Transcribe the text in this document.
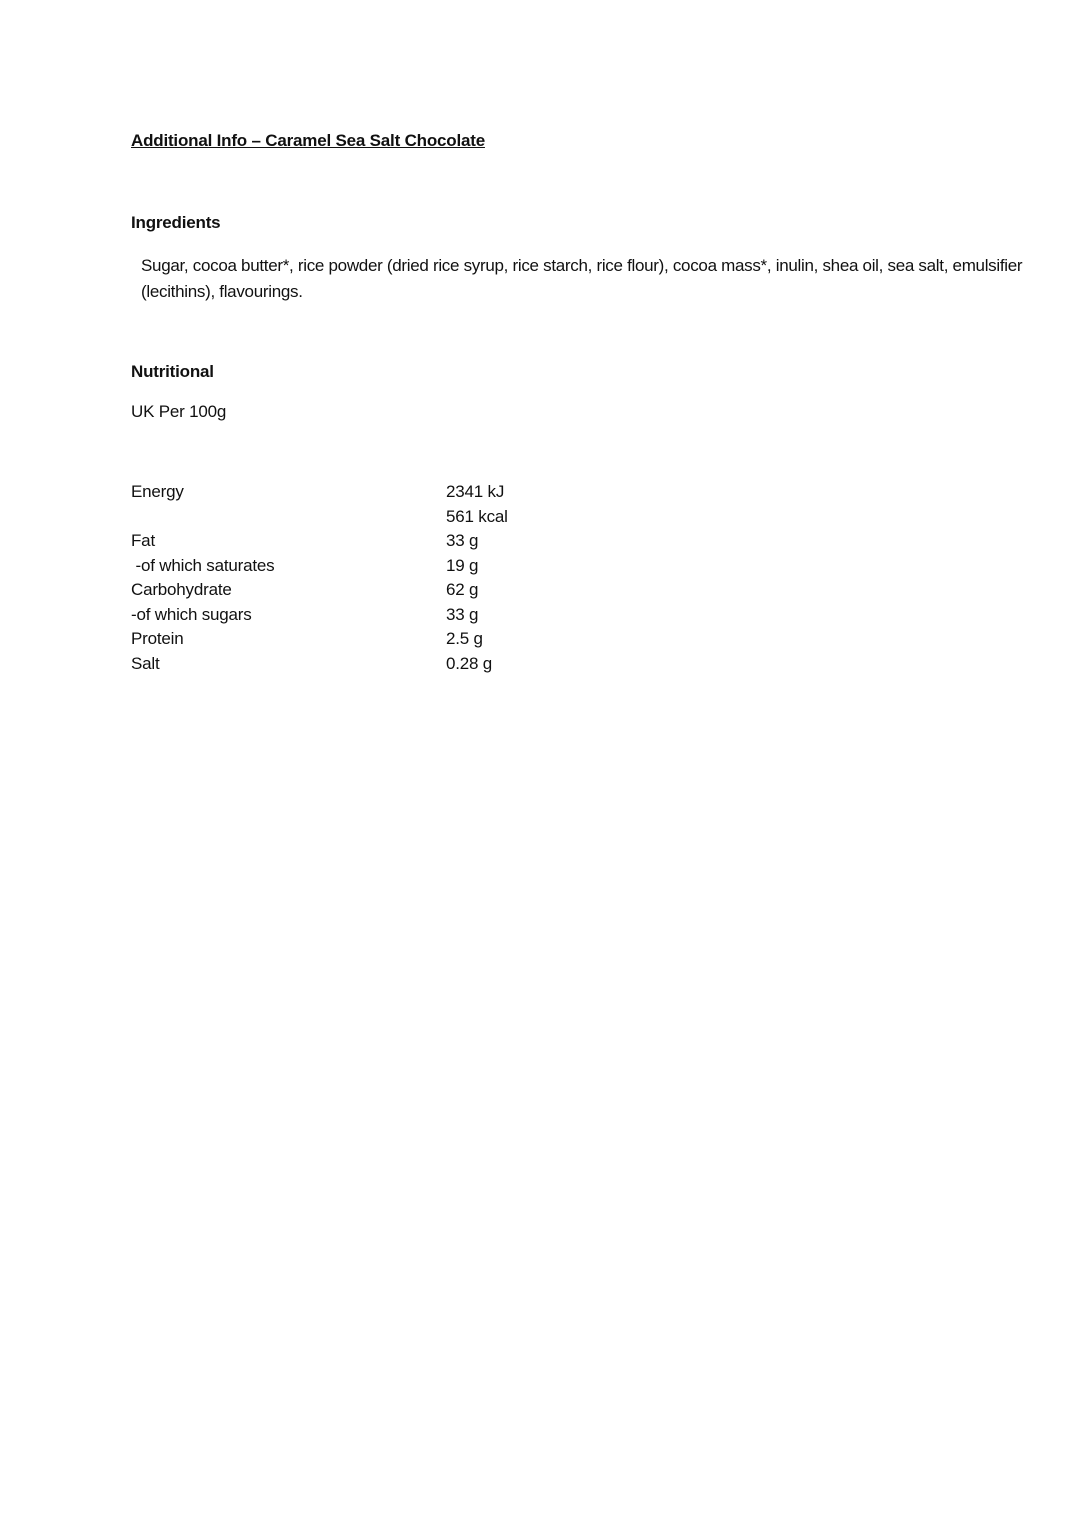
Additional Info – Caramel Sea Salt Chocolate
Ingredients
Sugar, cocoa butter*, rice powder (dried rice syrup, rice starch, rice flour), cocoa mass*, inulin, shea oil, sea salt, emulsifier (lecithins), flavourings.
Nutritional
UK Per 100g
Energy	2341 kJ
561 kcal
Fat	33 g
-of which saturates	19 g
Carbohydrate	62 g
-of which sugars	33 g
Protein	2.5 g
Salt	0.28 g
